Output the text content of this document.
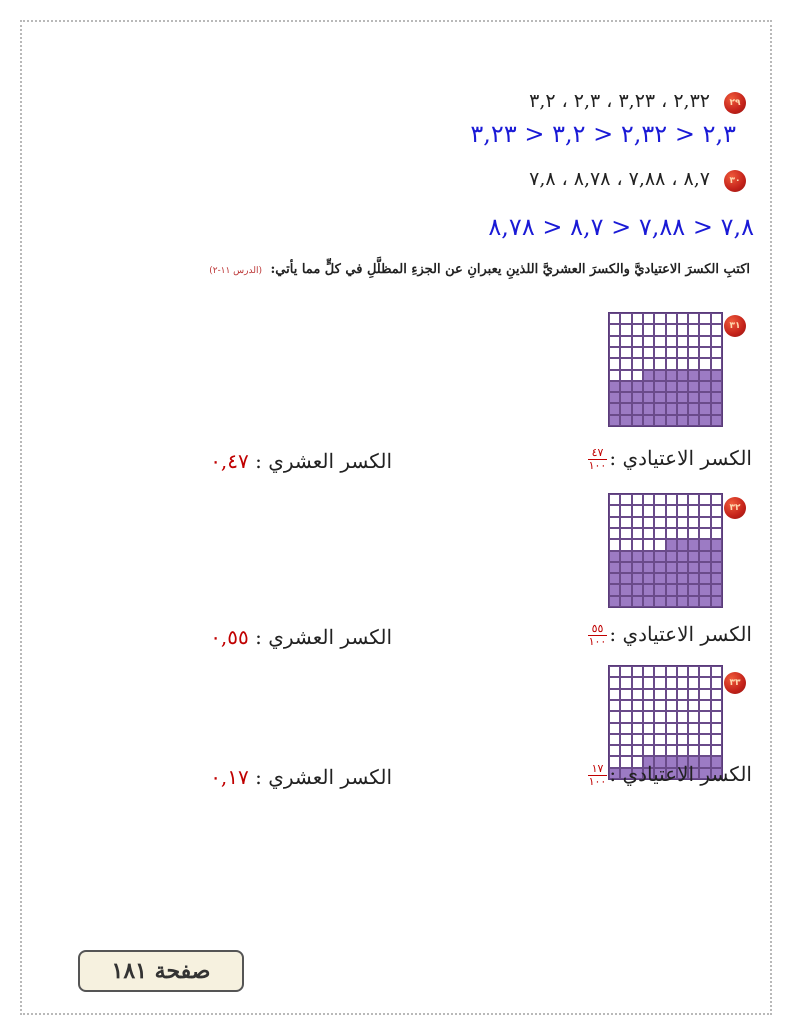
٢٩
٢,٣٢ ، ٣,٢٣ ، ٢,٣ ، ٣,٢
٢,٣ < ٢,٣٢ < ٣,٢ < ٣,٢٣
٣٠
٨,٧ ، ٧,٨٨ ، ٨,٧٨ ، ٧,٨
٧,٨ < ٧,٨٨ < ٨,٧ < ٨,٧٨
اكتبِ الكسرَ الاعتياديَّ والكسرَ العشريَّ اللذينِ يعبرانِ عن الجزءِ المظلَّلِ في كلٍّ مما يأتي: (الدرس ١١-٢)
٣١
الكسر الاعتيادي :
$\frac{٤٧}{١٠٠}$
الكسر العشري : ٠,٤٧
٣٢
الكسر الاعتيادي :
$\frac{٥٥}{١٠٠}$
الكسر العشري : ٠,٥٥
٣٣
الكسر الاعتيادي :
$\frac{١٧}{١٠٠}$
الكسر العشري : ٠,١٧
صفحة ١٨١
